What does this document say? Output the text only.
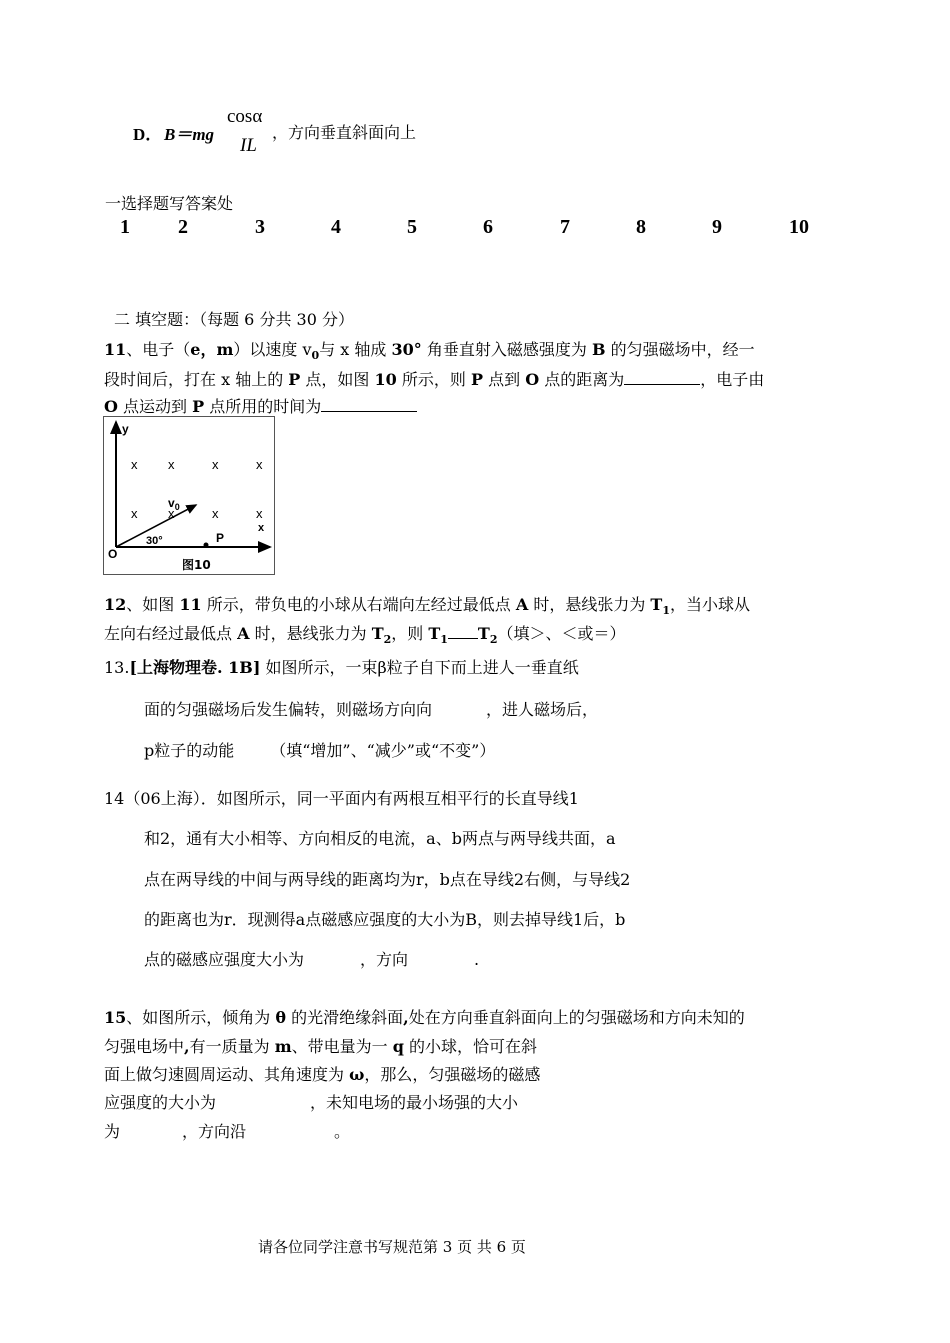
D． B＝mg
cosα
IL
，方向垂直斜面向上
一选择题写答案处
1 2	3	4	5	6	7	8	9	10
二 填空题：（每题 6 分共 30 分）
11、电子（e，m）以速度 $v_0$与 x 轴成 30° 角垂直射入磁感强度为 B 的匀强磁场中，经一
段时间后，打在 x 轴上的 P 点，如图 10 所示，则 P 点到 O 点的距离为	，电子由
O 点运动到 P 点所用的时间为
y
x
O
x x	x	x
x x	x	x
$v_0$
30°	P
图10
12、如图 11 所示，带负电的小球从右端向左经过最低点 A 时，悬线张力为 $T_1$，当小球从
左向右经过最低点 A 时，悬线张力为 $T_2$，则 $T_1$ $T_2$（填＞、＜或＝）
13.[上海物理卷. 1B] 如图所示，一束β粒子自下而上进人一垂直纸
面的匀强磁场后发生偏转，则磁场方向向	，进人磁场后，
p粒子的动能 （填“增加”、“减少”或“不变”）
14（06上海）．如图所示，同一平面内有两根互相平行的长直导线1
和2，通有大小相等、方向相反的电流，a、b两点与两导线共面，a
点在两导线的中间与两导线的距离均为r，b点在导线2右侧，与导线2
的距离也为r．现测得a点磁感应强度的大小为B，则去掉导线1后，b
点的磁感应强度大小为	，方向	.
15、如图所示，倾角为 θ 的光滑绝缘斜面,处在方向垂直斜面向上的匀强磁场和方向未知的
匀强电场中,有一质量为 m、带电量为一 q 的小球，恰可在斜
面上做匀速圆周运动、其角速度为 ω，那么，匀强磁场的磁感
应强度的大小为	，未知电场的最小场强的大小
为	，方向沿	。
请各位同学注意书写规范第 3 页 共 6 页
